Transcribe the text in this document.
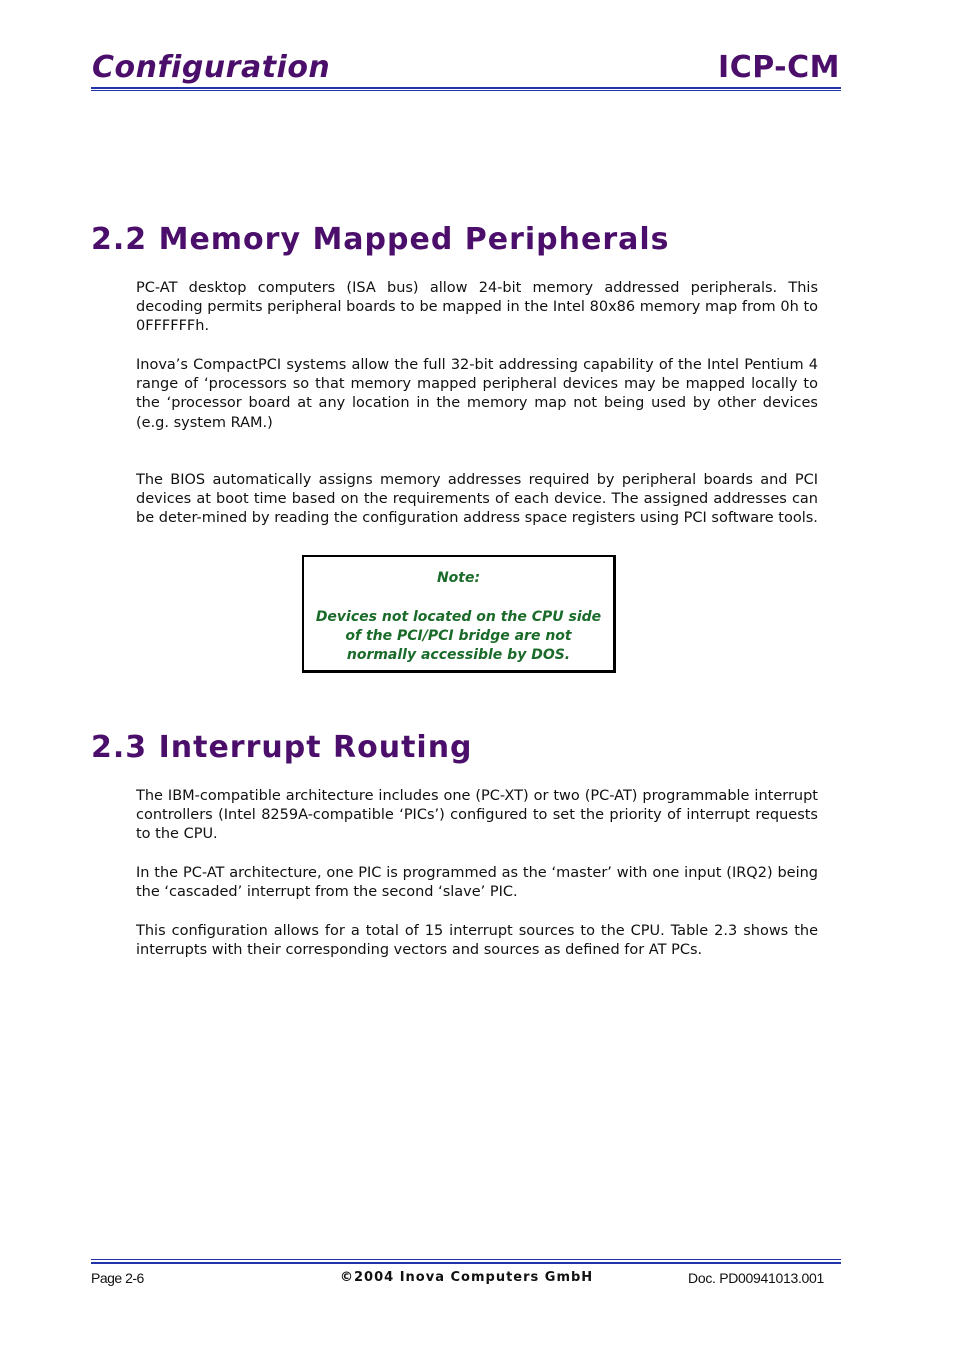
Configuration	ICP-CM
2.2 Memory Mapped Peripherals
PC-AT desktop computers (ISA bus) allow 24-bit memory addressed peripherals. This decoding permits peripheral boards to be mapped in the Intel 80x86 memory map from 0h to 0FFFFFFh.
Inova’s CompactPCI systems allow the full 32-bit addressing capability of the Intel Pentium 4 range of ‘processors so that memory mapped peripheral devices may be mapped locally to the ‘processor board at any location in the memory map not being used by other devices (e.g. system RAM.)
The BIOS automatically assigns memory addresses required by peripheral boards and PCI devices at boot time based on the requirements of each device. The assigned addresses can be deter-mined by reading the configuration address space registers using PCI software tools.
Note:
Devices not located on the CPU side of the PCI/PCI bridge are not normally accessible by DOS.
2.3 Interrupt Routing
The IBM-compatible architecture includes one (PC-XT) or two (PC-AT) programmable interrupt controllers (Intel 8259A-compatible ‘PICs’) configured to set the priority of interrupt requests to the CPU.
In the PC-AT architecture, one PIC is programmed as the ‘master’ with one input (IRQ2) being the ‘cascaded’ interrupt from the second ‘slave’ PIC.
This configuration allows for a total of 15 interrupt sources to the CPU. Table 2.3 shows the interrupts with their corresponding vectors and sources as defined for AT PCs.
Page 2-6	©2004 Inova Computers GmbH	Doc. PD00941013.001
